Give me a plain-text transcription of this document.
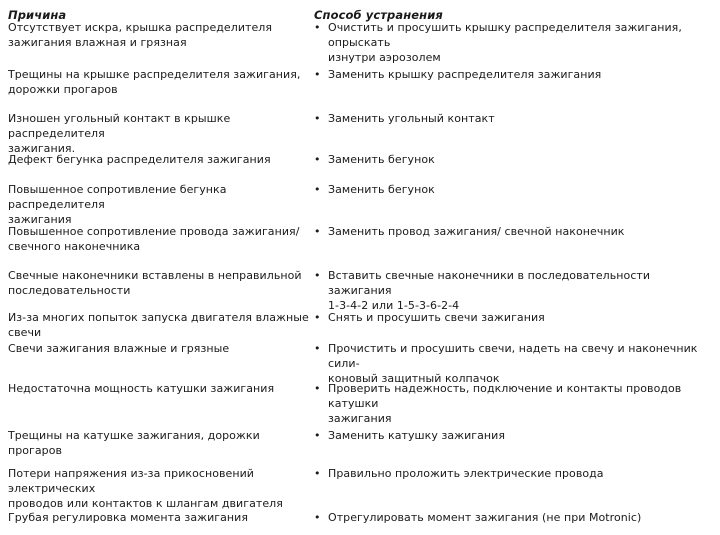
Причина	Способ устранения
Отсутствует искра, крышка распределителя
зажигания влажная и грязная
• Очистить и просушить крышку распределителя зажигания, опрыскать
изнутри аэрозолем
Трещины на крышке распределителя зажигания,
дорожки прогаров
• Заменить крышку распределителя зажигания
Изношен угольный контакт в крышке распределителя
зажигания.
• Заменить угольный контакт
Дефект бегунка распределителя зажигания	• Заменить бегунок
Повышенное сопротивление бегунка распределителя
зажигания
• Заменить бегунок
Повышенное сопротивление провода зажигания/
свечного наконечника
• Заменить провод зажигания/ свечной наконечник
Свечные наконечники вставлены в неправильной
последовательности
• Вставить свечные наконечники в последовательности зажигания
1-3-4-2 или 1-5-3-6-2-4
Из-за многих попыток запуска двигателя влажные свечи
• Снять и просушить свечи зажигания
Свечи зажигания влажные и грязные	• Прочистить и просушить свечи, надеть на свечу и наконечник сили-
коновый защитный колпачок
Недостаточна мощность катушки зажигания	• Проверить надежность, подключение и контакты проводов катушки
зажигания
Трещины на катушке зажигания, дорожки прогаров
• Заменить катушку зажигания
Потери напряжения из-за прикосновений электрических
проводов или контактов к шлангам двигателя
• Правильно проложить электрические провода
Грубая регулировка момента зажигания	• Отрегулировать момент зажигания (не при Motronic)
